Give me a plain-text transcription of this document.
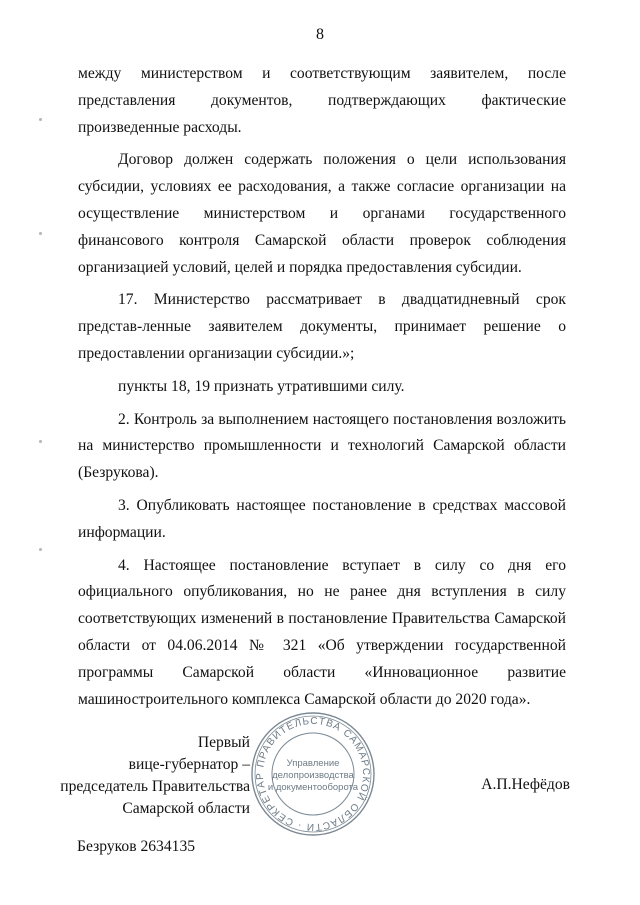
8

между министерством и соответствующим заявителем, после представления документов, подтверждающих фактические произведенные расходы.

Договор должен содержать положения о цели использования субсидии, условиях ее расходования, а также согласие организации на осуществление министерством и органами государственного финансового контроля Самарской области проверок соблюдения организацией условий, целей и порядка предоставления субсидии.

17. Министерство рассматривает в двадцатидневный срок представ-ленные заявителем документы, принимает решение о предоставлении организации субсидии.»;

пункты 18, 19 признать утратившими силу.

2. Контроль за выполнением настоящего постановления возложить на министерство промышленности и технологий Самарской области (Безрукова).

3. Опубликовать настоящее постановление в средствах массовой информации.

4. Настоящее постановление вступает в силу со дня его официального опубликования, но не ранее дня вступления в силу соответствующих изменений в постановление Правительства Самарской области от 04.06.2014 № 321 «Об утверждении государственной программы Самарской области «Инновационное развитие машиностроительного комплекса Самарской области до 2020 года».

Первый
вице-губернатор –
председатель Правительства
Самарской области
ПРАВИТЕЛЬСТВА САМАРСКОЙ ОБЛАСТИ · СЕКРЕТАР
Управление
делопроизводства
и документооборота	А.П.Нефёдов
Безруков 2634135
